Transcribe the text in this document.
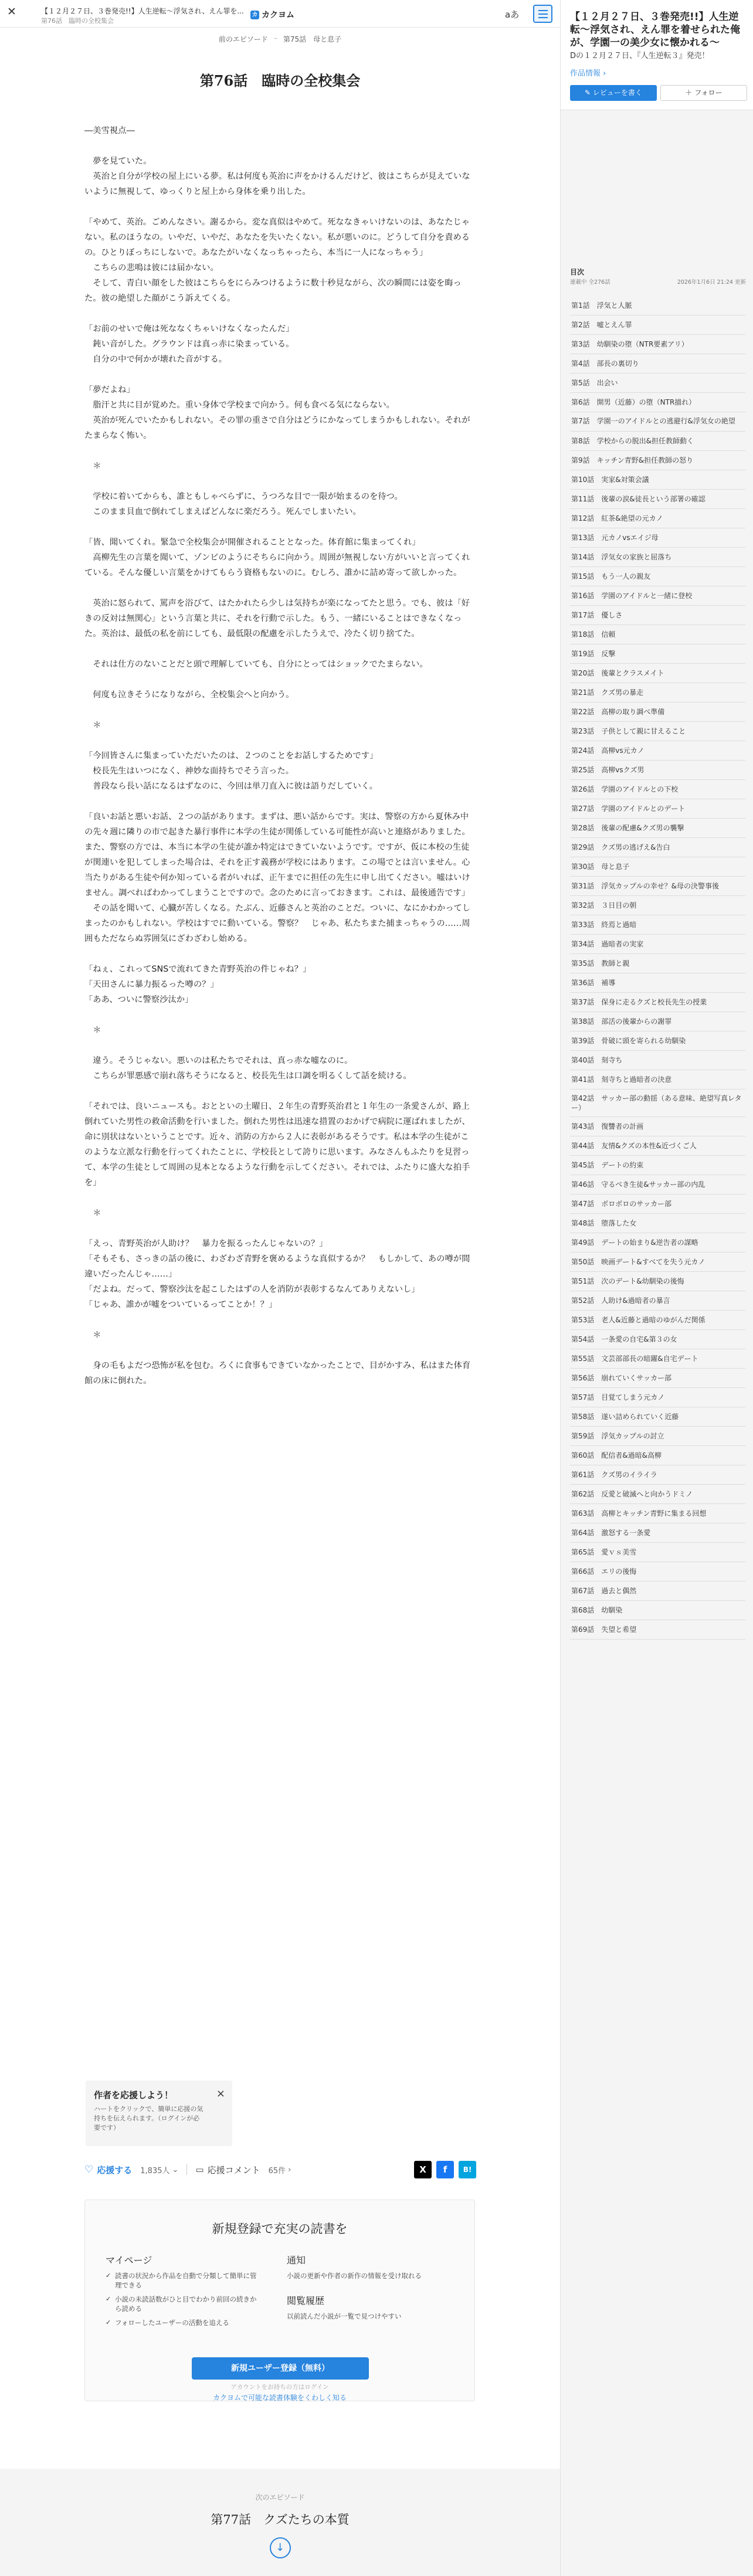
✕	【１２月２７日、３巻発売!!】人生逆転〜浮気され、えん罪を...
第76話　臨時の全校集会
カ カクヨム	aあ
前のエピソード – 第75話　母と息子
第76話　臨時の全校集会

―美雪視点―

　夢を見ていた。

　英治と自分が学校の屋上にいる夢。私は何度も英治に声をかけるんだけど、彼はこちらが見えていないように無視して、ゆっくりと屋上から身体を乗り出した。

「やめて、英治。ごめんなさい。謝るから。変な真似はやめて。死ななきゃいけないのは、あなたじゃない。私のほうなの。いやだ、いやだ、あなたを失いたくない。私が悪いのに。どうして自分を責めるの。ひとりぼっちにしないで。あなたがいなくなっちゃったら、本当に一人になっちゃう」

　こちらの悲鳴は彼には届かない。

　そして、青白い顔をした彼はこちらをにらみつけるように数十秒見ながら、次の瞬間には姿を晦った。彼の絶望した顔がこう訴えてくる。

「お前のせいで俺は死ななくちゃいけなくなったんだ」

　鈍い音がした。グラウンドは真っ赤に染まっている。

　自分の中で何かが壊れた音がする。

「夢だよね」

　脂汗と共に目が覚めた。重い身体で学校まで向かう。何も食べる気にならない。

　英治が死んでいたかもしれない。その罪の重さで自分はどうにかなってしまうかもしれない。それがたまらなく怖い。

　＊

　学校に着いてからも、誰ともしゃべらずに、うつろな目で一限が始まるのを待つ。

　このまま貝血で倒れてしまえばどんなに楽だろう。死んでしまいたい。

「皆、聞いてくれ。緊急で全校集会が開催されることとなった。体育館に集まってくれ」

　高柳先生の言葉を聞いて、ゾンビのようにそちらに向かう。周囲が無視しない方がいいと言ってくれている。そんな優しい言葉をかけてもらう資格もないのに。むしろ、誰かに詰め寄って欲しかった。

　英治に怒られて、罵声を浴びて、はたかれたら少しは気持ちが楽になってたと思う。でも、彼は「好きの反対は無関心」という言葉と共に、それを行動で示した。もう、一緒にいることはできなくなった。英治は、最低の私を前にしても、最低限の配慮を示したうえで、冷たく切り捨てた。

　それは仕方のないことだと頭で理解していても、自分にとってはショックでたまらない。

　何度も泣きそうになりながら、全校集会へと向かう。

　＊

「今回皆さんに集まっていただいたのは、２つのことをお話しするためです」

　校長先生はいつになく、神妙な面持ちでそう言った。

　普段なら長い話になるはずなのに、今回は単刀直入に彼は語りだしていく。

「良いお話と悪いお話、２つの話があります。まずは、悪い話からです。実は、警察の方から夏休み中の先々週に隣りの市で起きた暴行事件に本学の生徒が関係している可能性が高いと連絡がありました。また、警察の方では、本当に本学の生徒が誰か特定はできていないようです。ですが、仮に本校の生徒が関連いを犯してしまった場合は、それを正す義務が学校にはあります。この場でとは言いません。心当たりがある生徒や何か知っている者がいれば、正午までに担任の先生に申し出てください。嘘はいけません。調べればわかってしまうことですので。念のために言っておきます。これは、最後通告です」

　その話を聞いて、心臓が苦しくなる。たぶん、近藤さんと英治のことだ。ついに、なにかわかってしまったのかもしれない。学校はすでに動いている。警察？　じゃあ、私たちまた捕まっちゃうの……周囲もただならぬ雰囲気にざわざわし始める。

「ねぇ、これってSNSで流れてきた青野英治の件じゃね？」

「天田さんに暴力振るった噂の？」

「ああ、ついに警察沙汰か」

　＊

　違う。そうじゃない。悪いのは私たちでそれは、真っ赤な嘘なのに。

　こちらが罪悪感で崩れ落ちそうになると、校長先生は口調を明るくして話を続ける。

「それでは、良いニュースも。おとといの土曜日、２年生の青野英治君と１年生の一条愛さんが、路上倒れていた男性の救命活動を行いました。倒れた男性は迅速な措置のおかげで病院に運ばれましたが、命に別状はないということです。近々、消防の方から２人に表彰があるそうです。私は本学の生徒がこのような立派な行動を行ってくれたことに、学校長として誇りに思います。みなさんもふたりを見習って、本学の生徒として周囲の見本となるような行動を示してください。それでは、ふたりに盛大な拍手を」

　＊

「えっ、青野英治が人助け？　暴力を振るったんじゃないの？」

「そもそも、さっきの話の後に、わざわざ青野を褒めるような真似するか？　もしかして、あの噂が間違いだったんじゃ……」

「だよね。だって、警察沙汰を起こしたはずの人を消防が表彰するなんてありえないし」

「じゃあ、誰かが嘘をついているってことか！？」

　＊

　身の毛もよだつ恐怖が私を包む。ろくに食事もできていなかったことで、目がかすみ、私はまた体育館の床に倒れた。

作者を応援しよう！
ハートをクリックで、簡単に応援の気持ちを伝えられます。（ログインが必要です）
×
♡ 応援する 1,835人 ⌄ ▭ 応援コメント 65件 ›	X	f	B!
新規登録で充実の読書を
マイページ
✓ 読書の状況から作品を自動で分類して簡単に管理できる
✓ 小説の未読話数がひと目でわかり前回の続きから読める
✓ フォローしたユーザーの活動を追える
通知
小説の更新や作者の新作の情報を受け取れる
閲覧履歴
以前読んだ小説が一覧で見つけやすい
新規ユーザー登録（無料）
アカウントをお持ちの方はログイン
カクヨムで可能な読書体験をくわしく知る
次のエピソード
第77話　クズたちの本質
↓
【１２月２７日、３巻発売!!】人生逆転〜浮気され、えん罪を着せられた俺が、学園一の美少女に懐かれる〜
Dの１２月２７日、『人生逆転３』発売！
作品情報 ›
✎ レビューを書く	＋ フォロー
目次
連載中 全276話	2026年1月6日 21:24 更新
第1話　浮気と人脈
第2話　嘘とえん罪
第3話　幼馴染の堕（NTR要素アリ）
第4話　部長の裏切り
第5話　出会い
第6話　開男（近藤）の堕（NTR描れ）
第7話　学園一のアイドルとの逃避行&浮気女の絶望
第8話　学校からの脱出&担任教師動く
第9話　キッチン青野&担任教師の怒り
第10話　実家&対策会議
第11話　後輩の涙&徒長という部署の確認
第12話　紅茶&絶望の元カノ
第13話　元カノvsエイジ母
第14話　浮気女の家族と屈落ち
第15話　もう一人の親友
第16話　学園のアイドルと一緒に登校
第17話　優しさ
第18話　信頼
第19話　反撃
第20話　後輩とクラスメイト
第21話　クズ男の暴走
第22話　高柳の取り調べ準備
第23話　子供として親に甘えること
第24話　高柳vs元カノ
第25話　高柳vsクズ男
第26話　学園のアイドルとの下校
第27話　学園のアイドルとのデート
第28話　後輩の配慮&クズ男の襲撃
第29話　クズ男の逃げえ&告白
第30話　母と息子
第31話　浮気カップルの幸せ？&母の決警事後
第32話　３日目の朝
第33話　終焉と過暗
第34話　過暗者の実家
第35話　教師と親
第36話　補導
第37話　保身に走るクズと校長先生の授業
第38話　部活の後輩からの謝罪
第39話　骨破に頭を寄られる幼馴染
第40話　刻寺ち
第41話　刻寺ちと過暗者の決意
第42話　サッカー部の動揺（ある意味、絶望写真レター）
第43話　復讐者の計画
第44話　友情&クズの本性&近づくご人
第45話　デートの約束
第46話　守るべき生徒&サッカー部の内乱
第47話　ボロボロのサッカー部
第48話　堕落した女
第49話　デートの始まり&逆告者の謀略
第50話　映画デート&すべてを失う元カノ
第51話　次のデート&幼馴染の後悔
第52話　人助け&過暗者の暴言
第53話　老人&近藤と過暗のゆがんだ関係
第54話　一条愛の自宅&第３の女
第55話　文芸部部長の暗躍&自宅デート
第56話　崩れていくサッカー部
第57話　目覚てしまう元カノ
第58話　遂い詰められていく近藤
第59話　浮気カップルの討立
第60話　配信者&過暗&高柳
第61話　クズ男のイライラ
第62話　反愛と破滅へと向かうドミノ
第63話　高柳とキッチン青野に集まる回想
第64話　激怒する一条愛
第65話　愛ｖｓ美雪
第66話　エリの後悔
第67話　過去と偶然
第68話　幼馴染
第69話　失望と希望
